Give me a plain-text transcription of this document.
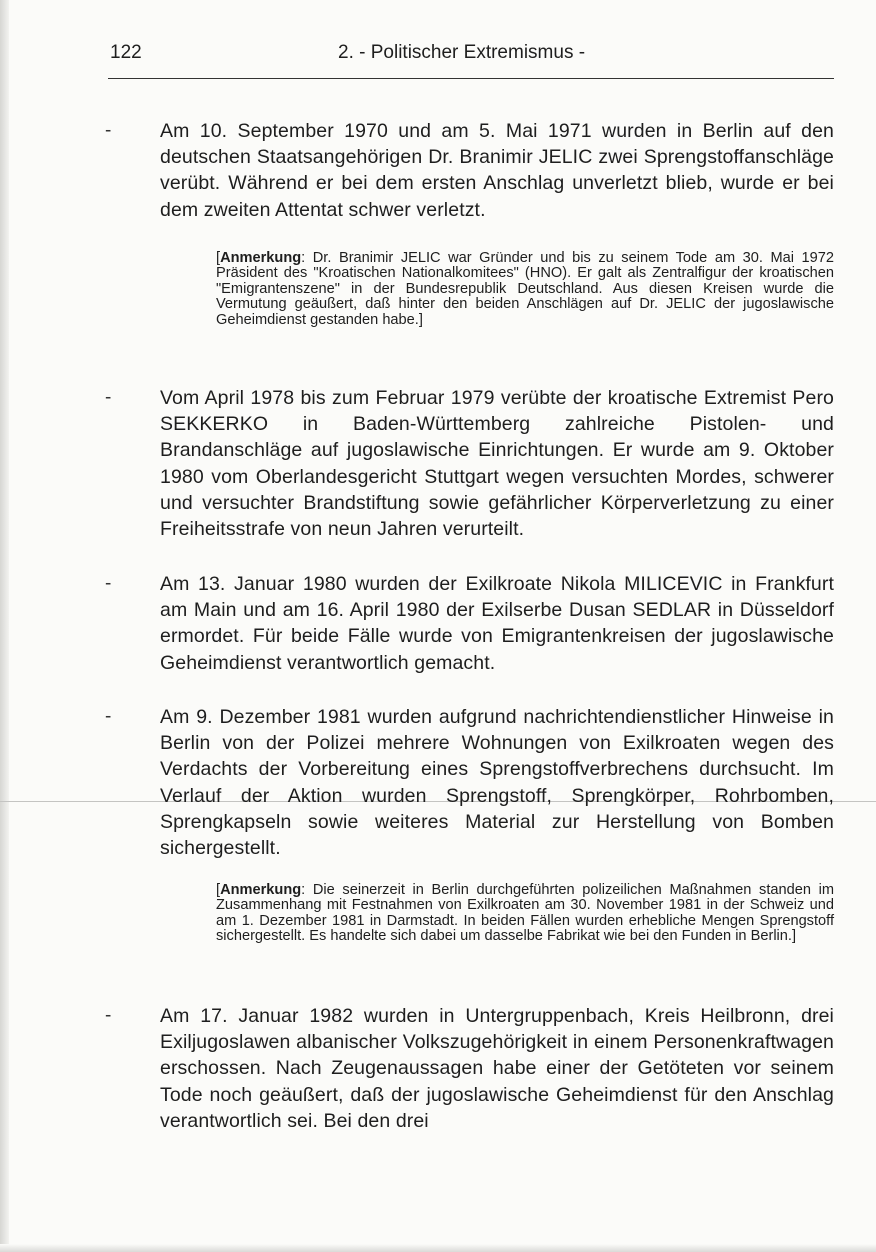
122	2. - Politischer Extremismus -
- Am 10. September 1970 und am 5. Mai 1971 wurden in Berlin auf den deutschen Staatsangehörigen Dr. Branimir JELIC zwei Sprengstoffanschläge verübt. Während er bei dem ersten Anschlag unverletzt blieb, wurde er bei dem zweiten Attentat schwer verletzt.

[Anmerkung: Dr. Branimir JELIC war Gründer und bis zu seinem Tode am 30. Mai 1972 Präsident des "Kroatischen Nationalkomitees" (HNO). Er galt als Zentralfigur der kroatischen "Emigrantenszene" in der Bundesrepublik Deutschland. Aus diesen Kreisen wurde die Vermutung geäußert, daß hinter den beiden Anschlägen auf Dr. JELIC der jugoslawische Geheimdienst gestanden habe.]

- Vom April 1978 bis zum Februar 1979 verübte der kroatische Extremist Pero SEKKERKO in Baden-Württemberg zahlreiche Pistolen- und Brandanschläge auf jugoslawische Einrichtungen. Er wurde am 9. Oktober 1980 vom Oberlandesgericht Stuttgart wegen versuchten Mordes, schwerer und versuchter Brandstiftung sowie gefährlicher Körperverletzung zu einer Freiheitsstrafe von neun Jahren verurteilt.

- Am 13. Januar 1980 wurden der Exilkroate Nikola MILICEVIC in Frankfurt am Main und am 16. April 1980 der Exilserbe Dusan SEDLAR in Düsseldorf ermordet. Für beide Fälle wurde von Emigrantenkreisen der jugoslawische Geheimdienst verantwortlich gemacht.

- Am 9. Dezember 1981 wurden aufgrund nachrichtendienstlicher Hinweise in Berlin von der Polizei mehrere Wohnungen von Exilkroaten wegen des Verdachts der Vorbereitung eines Sprengstoffverbrechens durchsucht. Im Verlauf der Aktion wurden Sprengstoff, Sprengkörper, Rohrbomben, Sprengkapseln sowie weiteres Material zur Herstellung von Bomben sichergestellt.

[Anmerkung: Die seinerzeit in Berlin durchgeführten polizeilichen Maßnahmen standen im Zusammenhang mit Festnahmen von Exilkroaten am 30. November 1981 in der Schweiz und am 1. Dezember 1981 in Darmstadt. In beiden Fällen wurden erhebliche Mengen Sprengstoff sichergestellt. Es handelte sich dabei um dasselbe Fabrikat wie bei den Funden in Berlin.]

- Am 17. Januar 1982 wurden in Untergruppenbach, Kreis Heilbronn, drei Exiljugoslawen albanischer Volkszugehörigkeit in einem Personenkraftwagen erschossen. Nach Zeugenaussagen habe einer der Getöteten vor seinem Tode noch geäußert, daß der jugoslawische Geheimdienst für den Anschlag verantwortlich sei. Bei den drei
